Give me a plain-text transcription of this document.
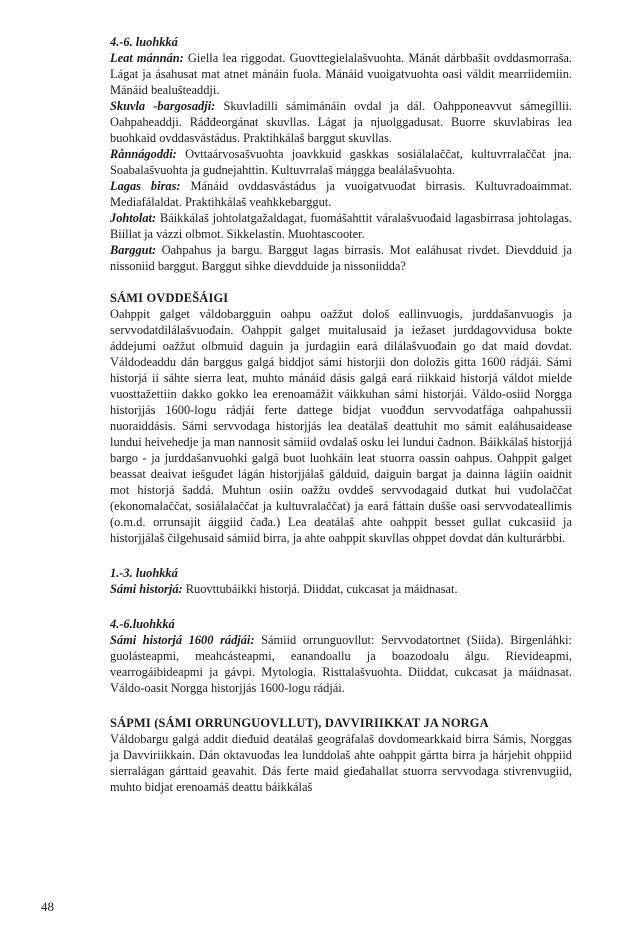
4.-6. luohkká

Leat mánnán: Giella lea riggodat. Guovttegielalašvuohta. Mánát dárbbašit ovddasmorraša. Lágat ja ásahusat mat atnet mánáin fuola. Mánáid vuoigatvuohta oasi váldit mearriidemiin. Mánáid bealušteaddji.

Skuvla -bargosadji: Skuvladilli sámimánáin ovdal ja dál. Oahpponeavvut sámegillii. Oahpaheaddji. Ráđđeorgánat skuvllas. Lágat ja njuolggadusat. Buorre skuvlabiras lea buohkaid ovddasvástádus. Praktihkálaš barggut skuvllas.

Rånnágoddi: Ovttaárvosašvuohta joavkkuid gaskkas sosiálalaččat, kultuvrralaččat jna. Soabalašvuohta ja gudnejahttin. Kultuvrralaš máŋgga bealálašvuohta.

Lagas biras: Mánáid ovddasvástádus ja vuoigatvuođat birrasis. Kultuvradoaimmat. Mediafálaldat. Praktihkálaš veahkkebarggut.

Johtolat: Báikkálaš johtolatgažaldagat, fuomášahttit váralašvuođaid lagasbirrasa johtolagas. Biillat ja vázzi olbmot. Sikkelastin. Muohtascooter.

Barggut: Oahpahus ja bargu. Barggut lagas birrasis. Mot ealáhusat rivdet. Dievdduid ja nissoniid barggut. Barggut sihke dievdduide ja nissoniidda?

SÁMI OVDDEŠÁIGI

Oahppit galget váldobargguin oahpu oažžut dološ eallinvuogis, jurddašanvuogis ja servvodatdilálašvuođain. Oahppit galget muitalusaid ja iežaset jurddagovvidusa bokte áddejumi oažžut olbmuid daguin ja jurdagiin eará dilálašvuođain go dat maid dovdat. Váldodeaddu dán barggus galgá biddjot sámi historjii don doložis gitta 1600 rádjái. Sámi historjá ii sáhte sierra leat, muhto mánáid dásis galgá eará riikkaid historjá váldot mielde vuosttažettiin dakko gokko lea erenoamážit váikkuhan sámi historjái. Váldo-osiid Norgga historjjás 1600-logu rádjái ferte dattege bidjat vuođđun servvodatfága oahpahussii nuoraiddásis. Sámi servvodaga historjjás lea deatálaš deattuhit mo sámit ealáhusaidease lundui heivehedje ja man nannosit sámiid ovdalaš osku lei lundui čadnon. Báikkálaš historjjá bargo - ja jurddašanvuohki galgá buot luohkáin leat stuorra oassin oahpus. Oahppit galget beassat deaivat iešguđet lágán historjjálaš gálduid, daiguin bargat ja dainna lágiin oaidnit mot historjá šaddá. Muhtun osiin oažžu ovddeš servvodagaid dutkat hui vuđolaččat (ekonomalaččat, sosiálalaččat ja kultuvralaččat) ja eará fáttain dušše oasi servvodateallimis (o.m.d. orrunsajit áiggiid čađa.) Lea deatálaš ahte oahppit besset gullat cukcasiid ja historjjálaš čilgehusaid sámiid birra, ja ahte oahppit skuvllas ohppet dovdat dán kulturárbbi.

1.-3. luohkká

Sámi historjá: Ruovttubáikki historjá. Diiddat, cukcasat ja máidnasat.

4.-6.luohkká

Sámi historjá 1600 rádjái: Sámiid orrunguovllut: Servvodatortnet (Siida). Birgenláhki: guolásteapmi, meahcásteapmi, eanandoallu ja boazodoalu álgu. Rievideapmi, vearrogáibideapmi ja gávpi. Mytologia. Risttalašvuohta. Diiddat, cukcasat ja máidnasat. Váldo-oasit Norgga historjjás 1600-logu rádjái.

SÁPMI (SÁMI ORRUNGUOVLLUT), DAVVIRIIKKAT JA NORGA

Váldobargu galgá addit dieđuid deatálaš geográfalaš dovdomearkkaid birra Sámis, Norggas ja Davviriikkain. Dán oktavuođas lea lunddolaš ahte oahppit gártta birra ja hárjehit ohppiid sierralágan gárttaid geavahit. Dás ferte maid gieđahallat stuorra servvodaga stivrenvugiid, muhto bidjat erenoamáš deattu báikkálaš

48
